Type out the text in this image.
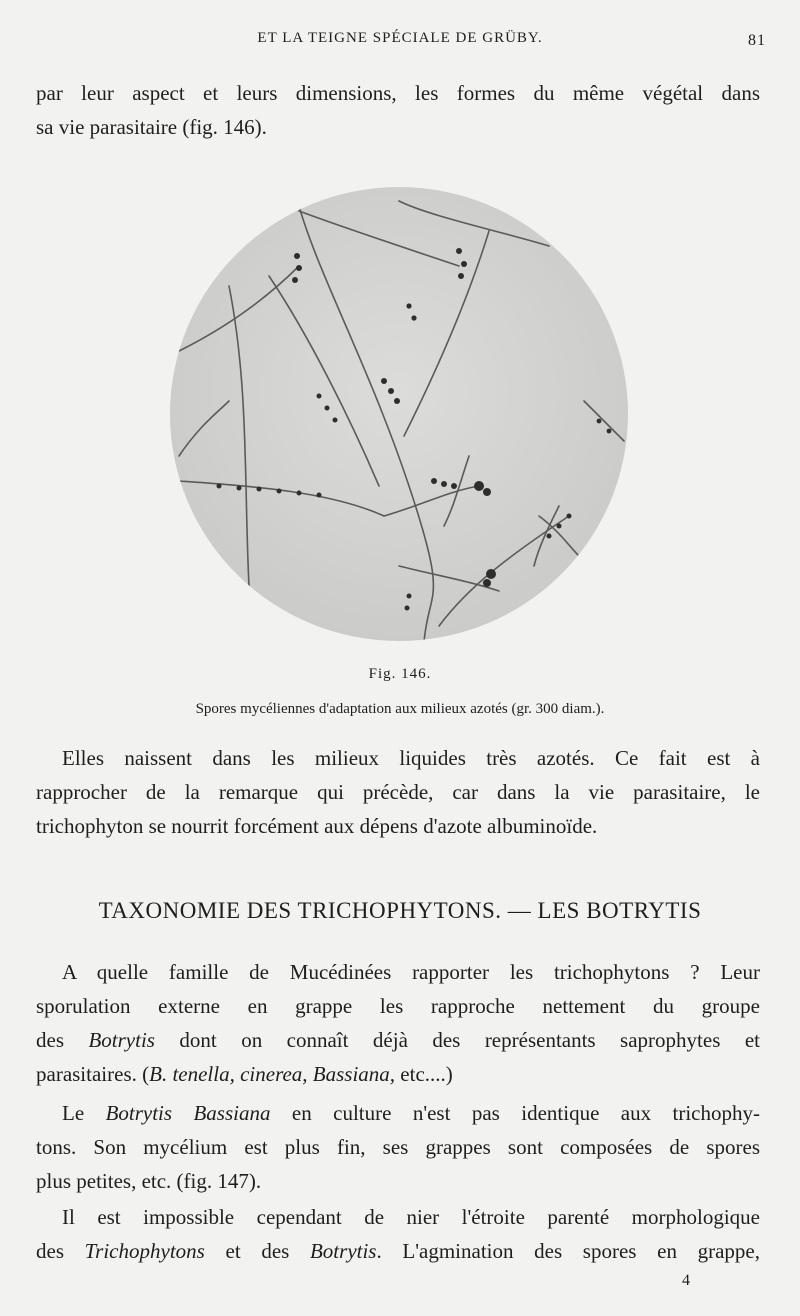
ET LA TEIGNE SPÉCIALE DE GRÜBY.	81

par leur aspect et leurs dimensions, les formes du même végétal dans
sa vie parasitaire (fig. 146).

Fig. 146.
Spores mycéliennes d'adaptation aux milieux azotés (gr. 300 diam.).

Elles naissent dans les milieux liquides très azotés. Ce fait est à
rapprocher de la remarque qui précède, car dans la vie parasitaire, le
trichophyton se nourrit forcément aux dépens d'azote albuminoïde.

TAXONOMIE DES TRICHOPHYTONS. — LES BOTRYTIS

A quelle famille de Mucédinées rapporter les trichophytons ? Leur
sporulation externe en grappe les rapproche nettement du groupe
des Botrytis dont on connaît déjà des représentants saprophytes et
parasitaires. (B. tenella, cinerea, Bassiana, etc....)

Le Botrytis Bassiana en culture n'est pas identique aux trichophy-
tons. Son mycélium est plus fin, ses grappes sont composées de spores
plus petites, etc. (fig. 147).

Il est impossible cependant de nier l'étroite parenté morphologique
des Trichophytons et des Botrytis. L'agmination des spores en grappe,

4
